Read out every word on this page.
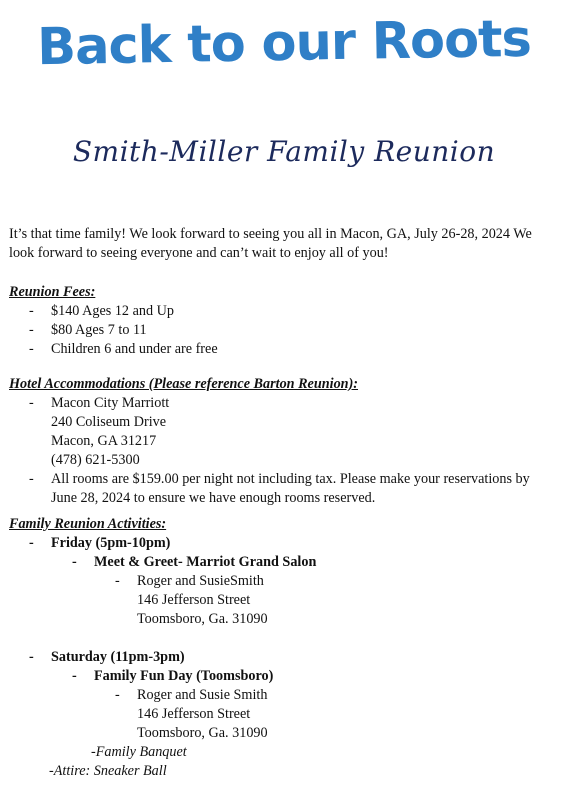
Back to our Roots
Smith-Miller Family Reunion
It’s that time family! We look forward to seeing you all in Macon, GA, July 26-28, 2024 We look forward to seeing everyone and can’t wait to enjoy all of you!
Reunion Fees:
- $140 Ages 12 and Up
- $80 Ages 7 to 11
- Children 6 and under are free
Hotel Accommodations (Please reference Barton Reunion):
- Macon City Marriott
240 Coliseum Drive
Macon, GA 31217
(478) 621-5300
- All rooms are $159.00 per night not including tax. Please make your reservations by June 28, 2024 to ensure we have enough rooms reserved.
Family Reunion Activities:
- Friday (5pm-10pm)
- Meet & Greet- Marriot Grand Salon
- Roger and SusieSmith
146 Jefferson Street
Toomsboro, Ga. 31090
- Saturday (11pm-3pm)
- Family Fun Day (Toomsboro)
- Roger and Susie Smith
146 Jefferson Street
Toomsboro, Ga. 31090
-Family Banquet
-Attire: Sneaker Ball
